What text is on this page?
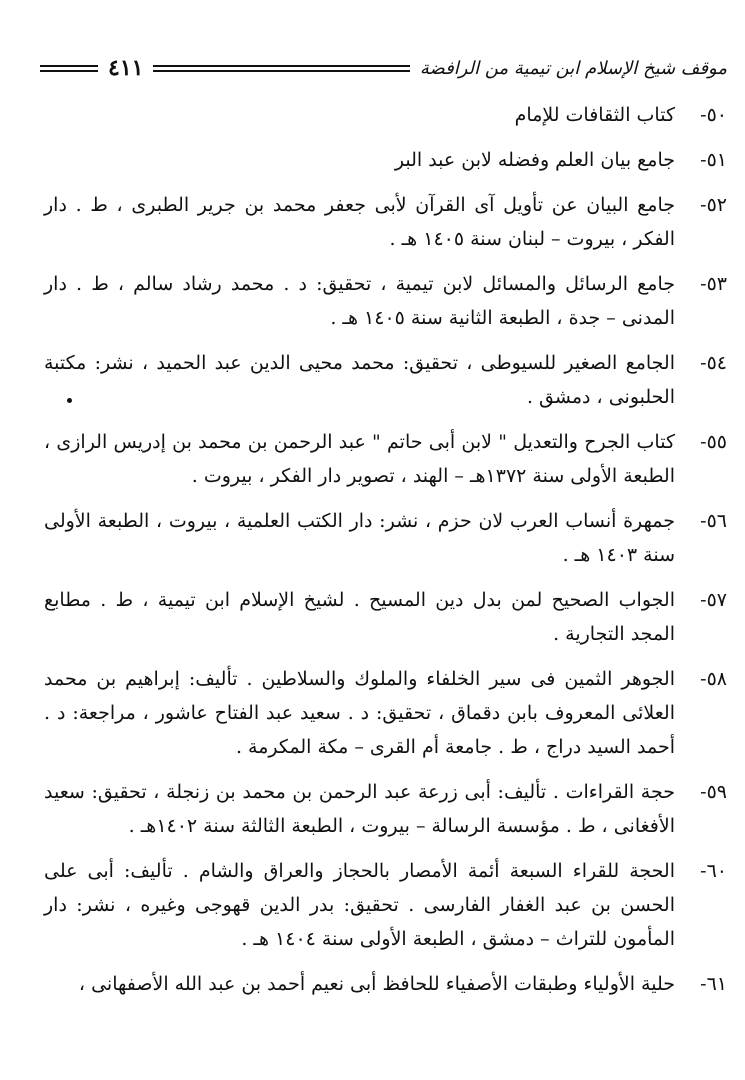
٤١١	موقف شيخ الإسلام ابن تيمية من الرافضة
٥٠-
كتاب الثقافات للإمام
٥١-
جامع بيان العلم وفضله لابن عبد البر
٥٢-
جامع البيان عن تأويل آى القرآن لأبى جعفر محمد بن جرير الطبرى ، ط . دار الفكر ، بيروت – لبنان سنة ١٤٠٥ هـ .
٥٣-
جامع الرسائل والمسائل لابن تيمية ، تحقيق: د . محمد رشاد سالم ، ط . دار المدنى – جدة ، الطبعة الثانية سنة ١٤٠٥ هـ .
٥٤-
الجامع الصغير للسيوطى ، تحقيق: محمد محيى الدين عبد الحميد ، نشر: مكتبة الحلبونى ، دمشق .
٥٥-
كتاب الجرح والتعديل " لابن أبى حاتم " عبد الرحمن بن محمد بن إدريس الرازى ، الطبعة الأولى سنة ١٣٧٢هـ – الهند ، تصوير دار الفكر ، بيروت .
٥٦-
جمهرة أنساب العرب لان حزم ، نشر: دار الكتب العلمية ، بيروت ، الطبعة الأولى سنة ١٤٠٣ هـ .
٥٧-
الجواب الصحيح لمن بدل دين المسيح . لشيخ الإسلام ابن تيمية ، ط . مطابع المجد التجارية .
٥٨-
الجوهر الثمين فى سير الخلفاء والملوك والسلاطين . تأليف: إبراهيم بن محمد العلائى المعروف بابن دقماق ، تحقيق: د . سعيد عبد الفتاح عاشور ، مراجعة: د . أحمد السيد دراج ، ط . جامعة أم القرى – مكة المكرمة .
٥٩-
حجة القراءات . تأليف: أبى زرعة عبد الرحمن بن محمد بن زنجلة ، تحقيق: سعيد الأفغانى ، ط . مؤسسة الرسالة – بيروت ، الطبعة الثالثة سنة ١٤٠٢هـ .
٦٠-
الحجة للقراء السبعة أئمة الأمصار بالحجاز والعراق والشام . تأليف: أبى على الحسن بن عبد الغفار الفارسى . تحقيق: بدر الدين قهوجى وغيره ، نشر: دار المأمون للتراث – دمشق ، الطبعة الأولى سنة ١٤٠٤ هـ .
٦١-
حلية الأولياء وطبقات الأصفياء للحافظ أبى نعيم أحمد بن عبد الله الأصفهانى ،
